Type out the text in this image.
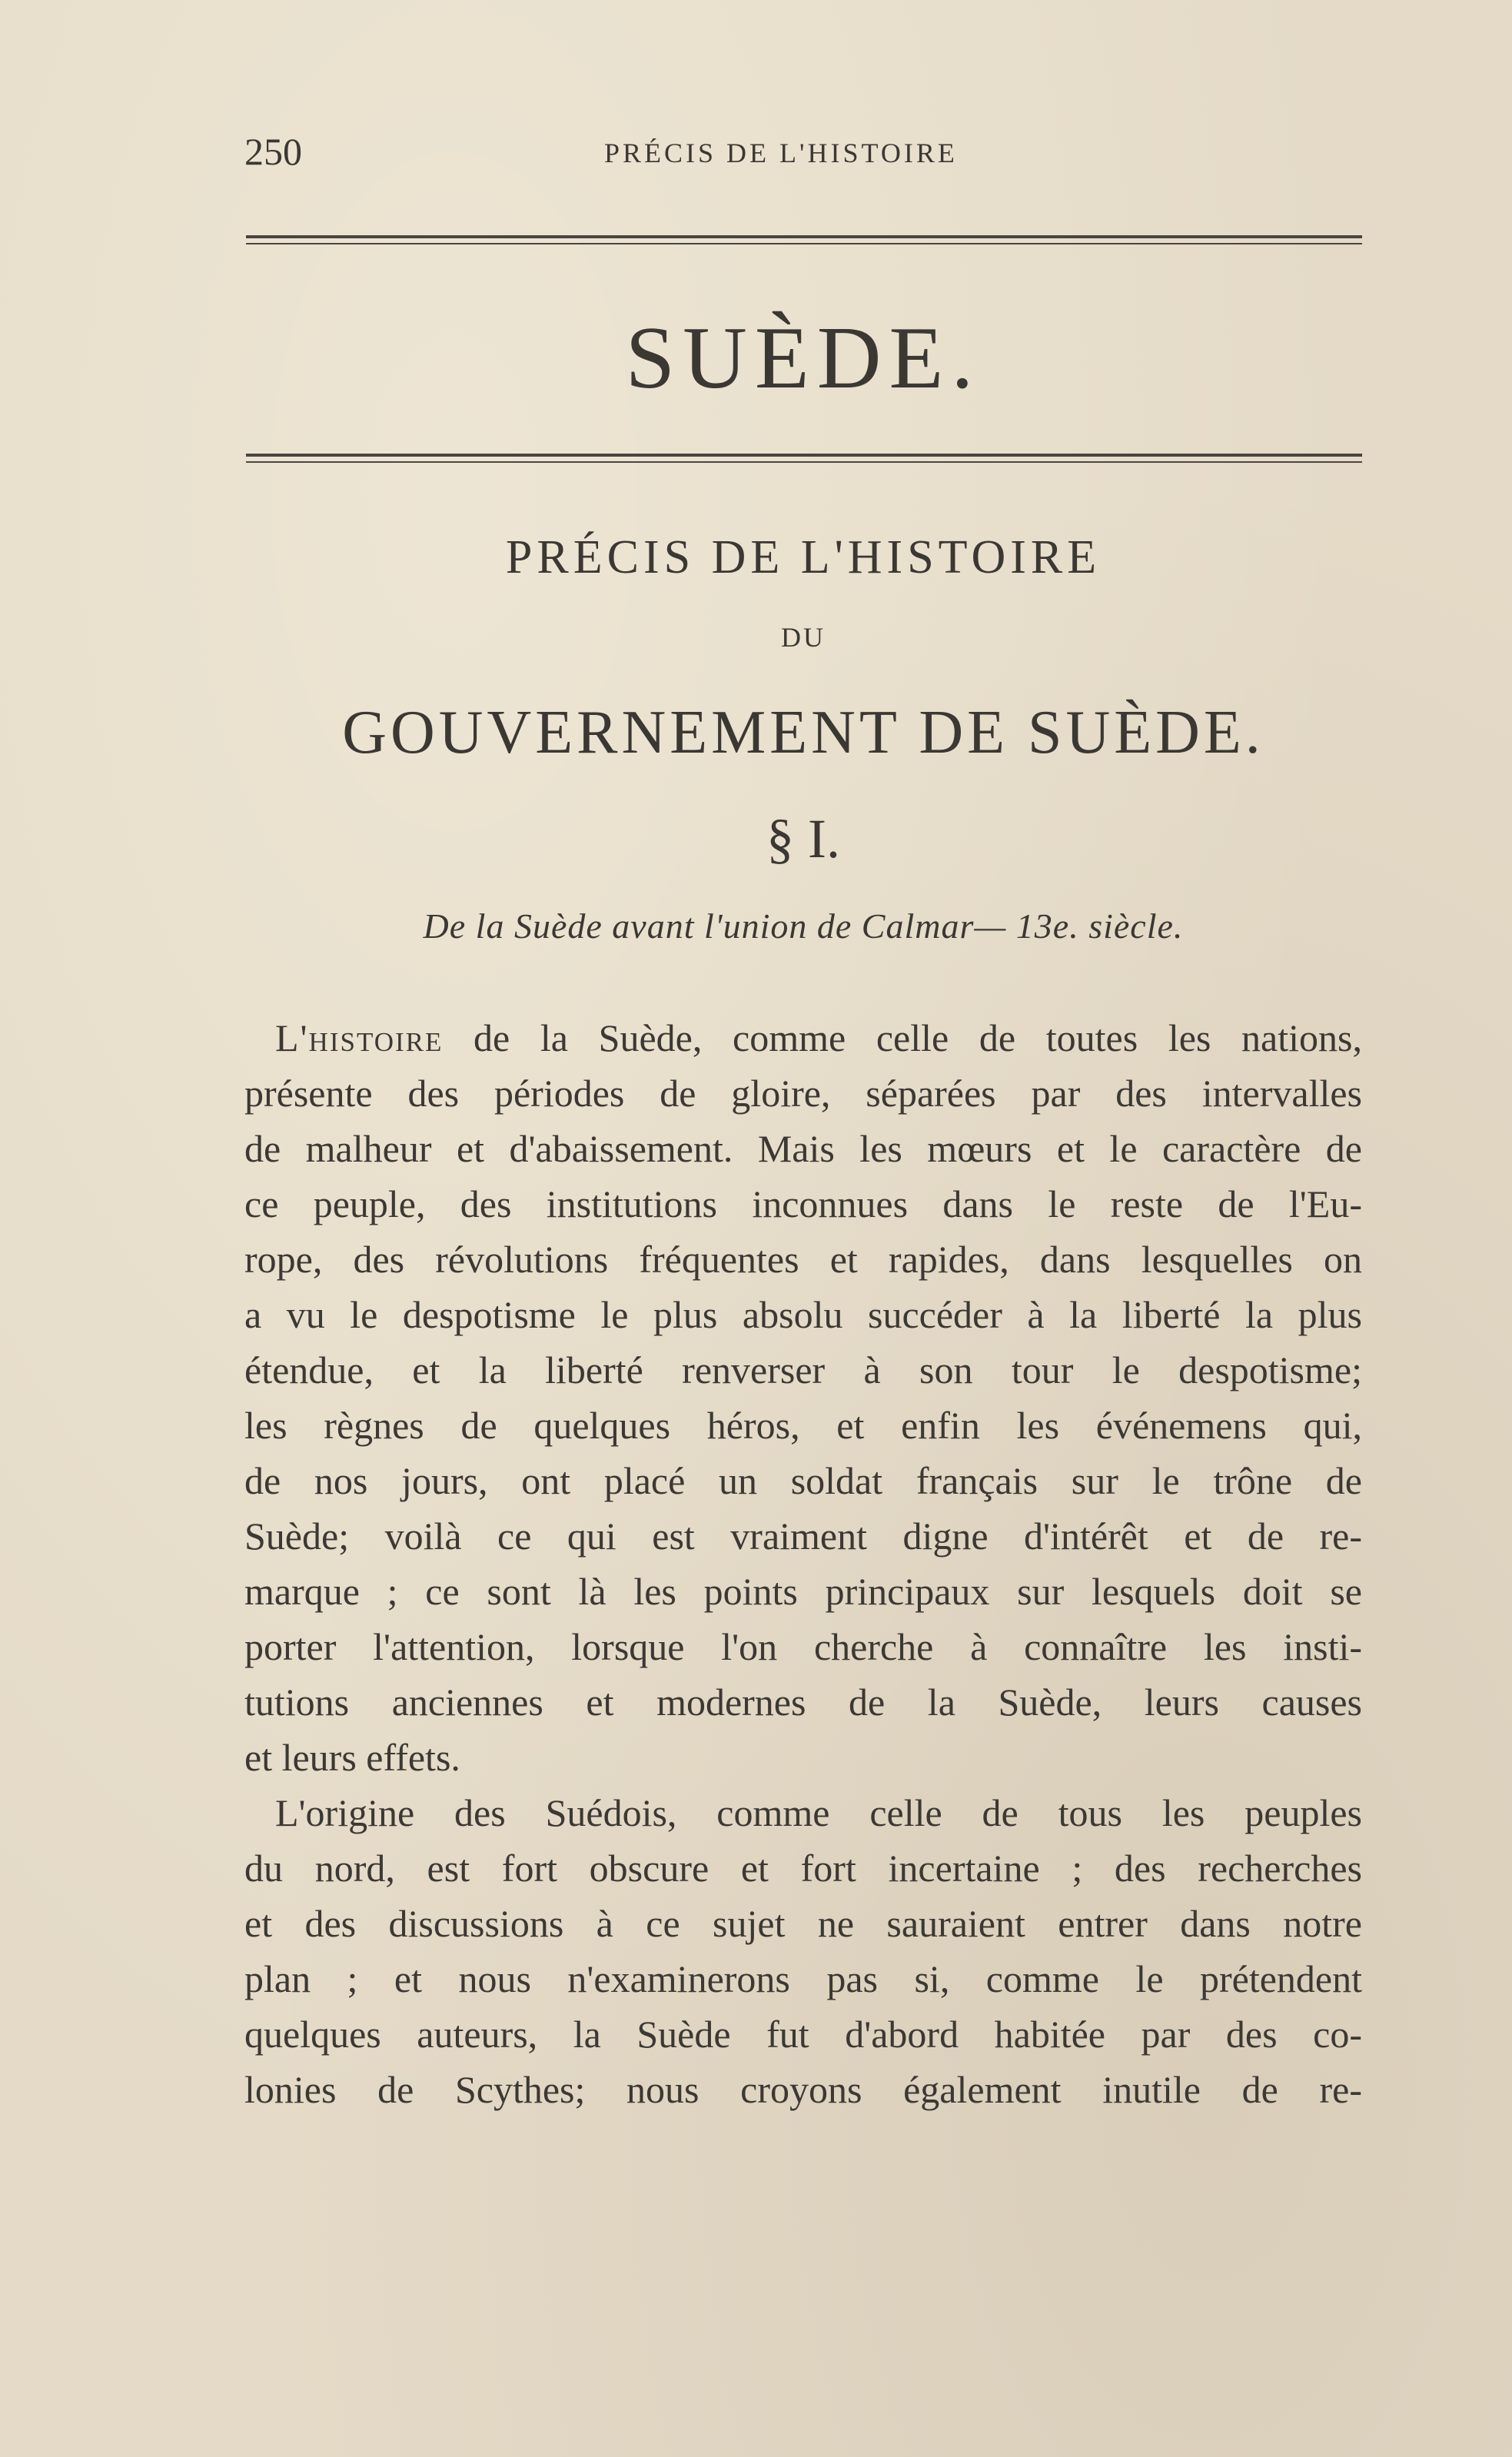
250	PRÉCIS DE L'HISTOIRE
SUÈDE.
PRÉCIS DE L'HISTOIRE
DU
GOUVERNEMENT DE SUÈDE.
§ I.
De la Suède avant l'union de Calmar— 13e. siècle.
L'histoire de la Suède, comme celle de toutes les nations,
présente des périodes de gloire, séparées par des intervalles
de malheur et d'abaissement. Mais les mœurs et le caractère de
ce peuple, des institutions inconnues dans le reste de l'Eu-
rope, des révolutions fréquentes et rapides, dans lesquelles on
a vu le despotisme le plus absolu succéder à la liberté la plus
étendue, et la liberté renverser à son tour le despotisme;
les règnes de quelques héros, et enfin les événemens qui,
de nos jours, ont placé un soldat français sur le trône de
Suède; voilà ce qui est vraiment digne d'intérêt et de re-
marque ; ce sont là les points principaux sur lesquels doit se
porter l'attention, lorsque l'on cherche à connaître les insti-
tutions anciennes et modernes de la Suède, leurs causes
et leurs effets.
L'origine des Suédois, comme celle de tous les peuples
du nord, est fort obscure et fort incertaine ; des recherches
et des discussions à ce sujet ne sauraient entrer dans notre
plan ; et nous n'examinerons pas si, comme le prétendent
quelques auteurs, la Suède fut d'abord habitée par des co-
lonies de Scythes; nous croyons également inutile de re-
